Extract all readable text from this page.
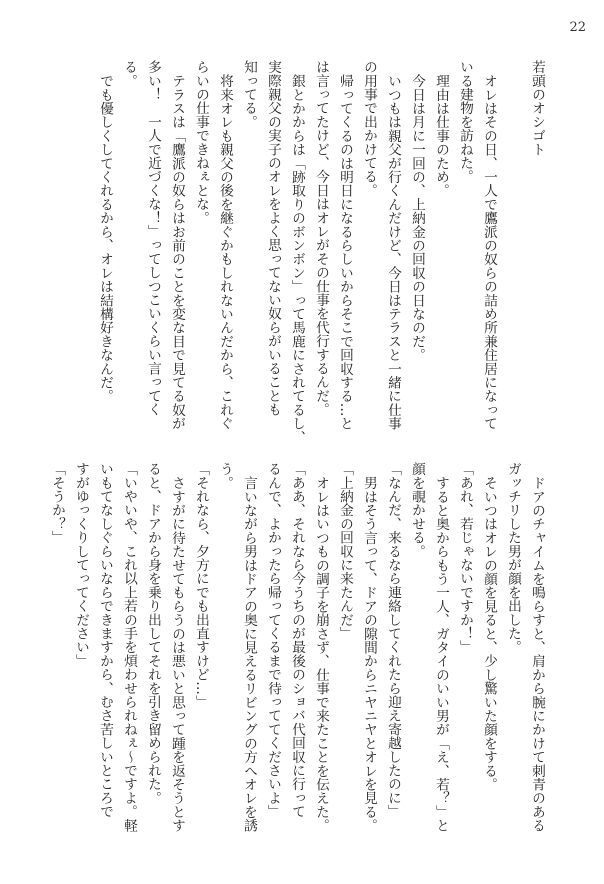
22
若頭のオシゴト
オレはその日、一人で鷹派の奴らの詰め所兼住居になって
いる建物を訪ねた。
理由は仕事のため。
今日は月に一回の、上納金の回収の日なのだ。
いつもは親父が行くんだけど、今日はテラスと一緒に仕事
の用事で出かけてる。
帰ってくるのは明日になるらしいからそこで回収する…と
は言ってたけど、今日はオレがその仕事を代行するんだ。
銀とかからは「跡取りのボンボン」って馬鹿にされてるし、
実際親父の実子のオレをよく思ってない奴らがいることも
知ってる。
将来オレも親父の後を継ぐかもしれないんだから、これぐ
らいの仕事できねぇとな。
テラスは「鷹派の奴らはお前のことを変な目で見てる奴が
多い！　一人で近づくな！」ってしつこいくらい言ってく
る。
でも優しくしてくれるから、オレは結構好きなんだ。
ドアのチャイムを鳴らすと、肩から腕にかけて刺青のある
ガッチリした男が顔を出した。
そいつはオレの顔を見ると、少し驚いた顔をする。
「あれ、若じゃないですか！」
すると奥からもう一人、ガタイのいい男が「え、若？」と
顔を覗かせる。
「なんだ、来るなら連絡してくれたら迎え寄越したのに」
男はそう言って、ドアの隙間からニヤニヤとオレを見る。
「上納金の回収に来たんだ」
オレはいつもの調子を崩さず、仕事で来たことを伝えた。
「ああ、それなら今うちのが最後のショバ代回収に行って
るんで、よかったら帰ってくるまで待っててくださいよ」
言いながら男はドアの奥に見えるリビングの方へオレを誘
う。
「それなら、夕方にでも出直すけど…」
さすがに待たせてもらうのは悪いと思って踵を返そうとす
ると、ドアから身を乗り出してそれを引き留められた。
「いやいや、これ以上若の手を煩わせられねぇ～ですよ。軽
いもてなしぐらいならできますから、むさ苦しいところで
すがゆっくりしてってください」
「そうか？」
